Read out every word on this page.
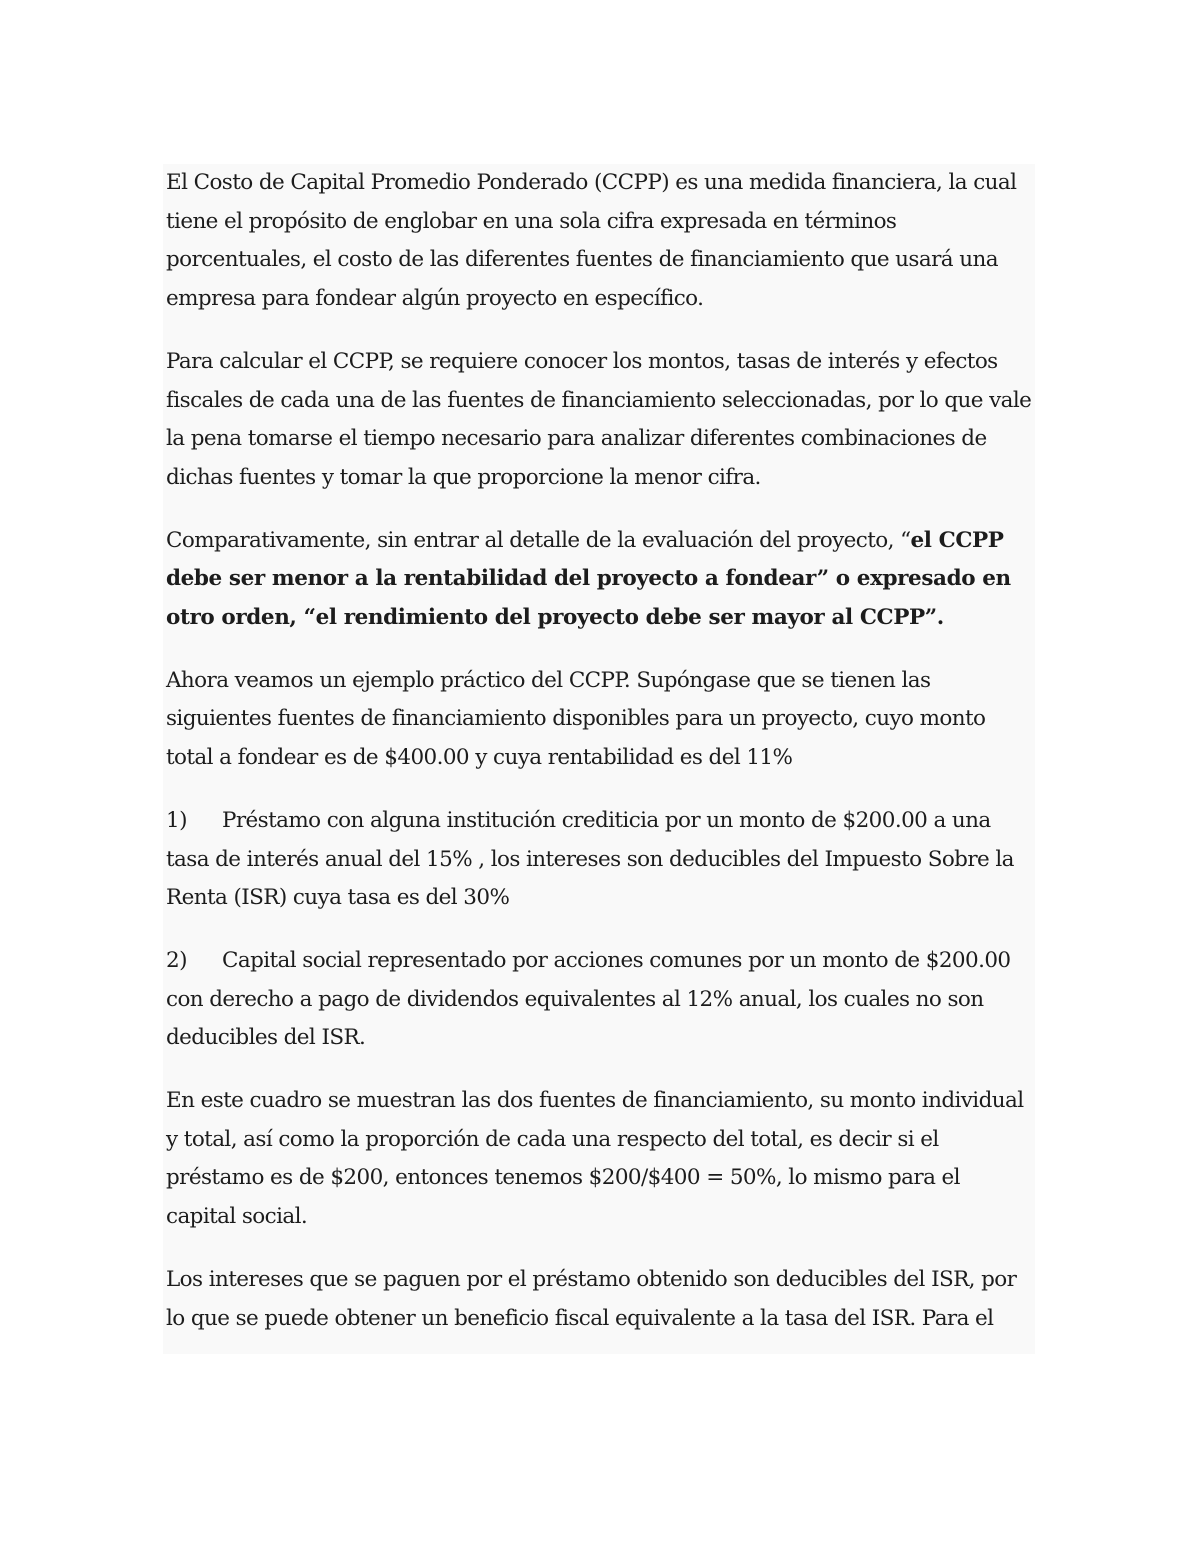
El Costo de Capital Promedio Ponderado (CCPP) es una medida financiera, la cual tiene el propósito de englobar en una sola cifra expresada en términos porcentuales, el costo de las diferentes fuentes de financiamiento que usará una empresa para fondear algún proyecto en específico.

Para calcular el CCPP, se requiere conocer los montos, tasas de interés y efectos fiscales de cada una de las fuentes de financiamiento seleccionadas, por lo que vale la pena tomarse el tiempo necesario para analizar diferentes combinaciones de dichas fuentes y tomar la que proporcione la menor cifra.

Comparativamente, sin entrar al detalle de la evaluación del proyecto, “el CCPP debe ser menor a la rentabilidad del proyecto a fondear” o expresado en otro orden, “el rendimiento del proyecto debe ser mayor al CCPP”.

Ahora veamos un ejemplo práctico del CCPP. Supóngase que se tienen las siguientes fuentes de financiamiento disponibles para un proyecto, cuyo monto total a fondear es de $400.00 y cuya rentabilidad es del 11%

1) Préstamo con alguna institución crediticia por un monto de $200.00 a una tasa de interés anual del 15% , los intereses son deducibles del Impuesto Sobre la Renta (ISR) cuya tasa es del 30%

2) Capital social representado por acciones comunes por un monto de $200.00 con derecho a pago de dividendos equivalentes al 12% anual, los cuales no son deducibles del ISR.

En este cuadro se muestran las dos fuentes de financiamiento, su monto individual y total, así como la proporción de cada una respecto del total, es decir si el préstamo es de $200, entonces tenemos $200/$400 = 50%, lo mismo para el capital social.

Los intereses que se paguen por el préstamo obtenido son deducibles del ISR, por lo que se puede obtener un beneficio fiscal equivalente a la tasa del ISR. Para el
